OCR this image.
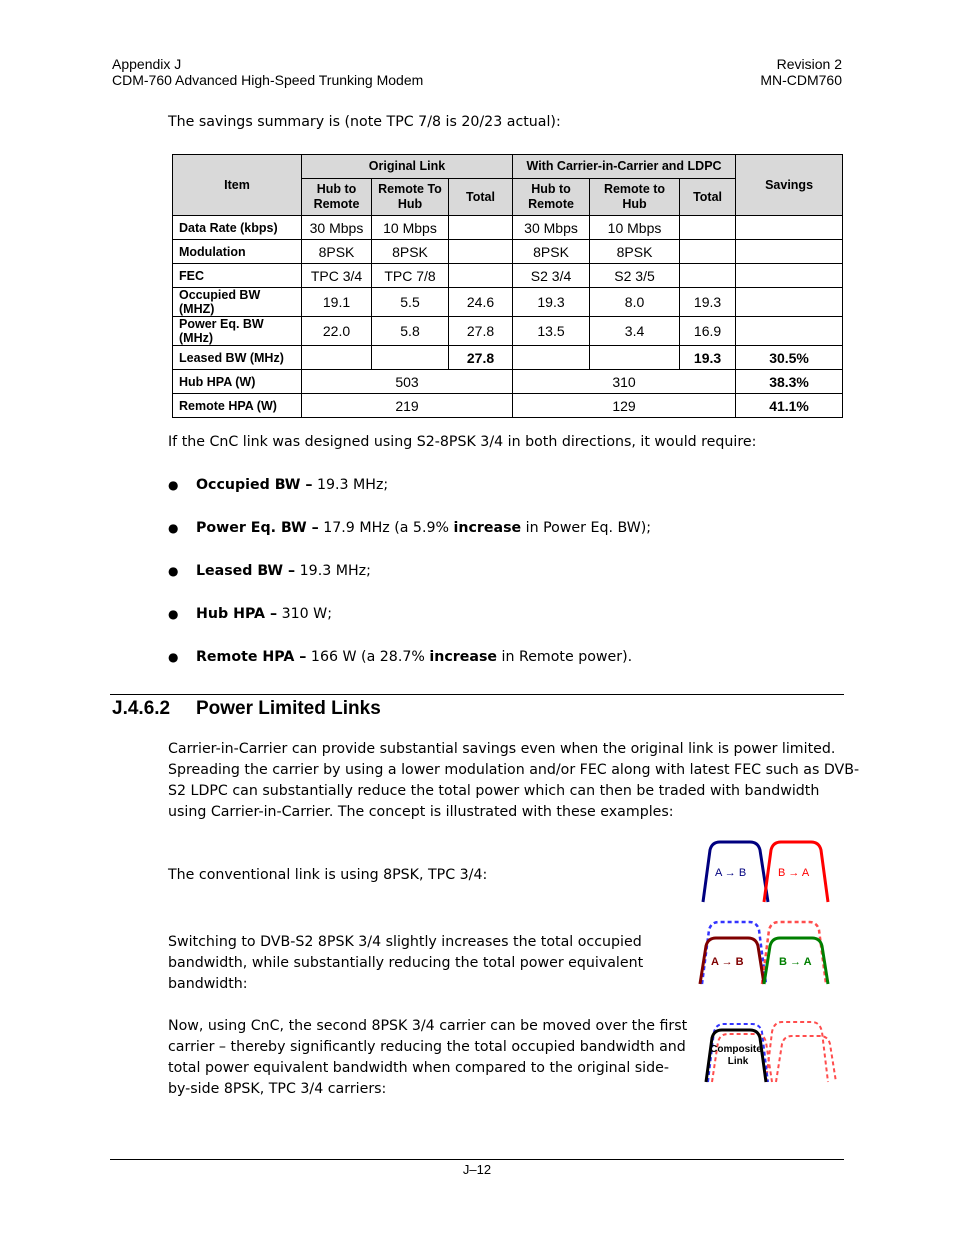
Appendix J
CDM-760 Advanced High-Speed Trunking Modem
Revision 2
MN-CDM760
The savings summary is (note TPC 7/8 is 20/23 actual):
Item	Original Link			With Carrier-in-Carrier and LDPC			Savings
	Hub to Remote	Remote To Hub	Total	Hub to Remote	Remote to Hub	Total	
Data Rate (kbps)	30 Mbps	10 Mbps		30 Mbps	10 Mbps		
Modulation	8PSK	8PSK		8PSK	8PSK		
FEC	TPC 3/4	TPC 7/8		S2 3/4	S2 3/5		
Occupied BW (MHZ)	19.1	5.5	24.6	19.3	8.0	19.3	
Power Eq. BW (MHz)	22.0	5.8	27.8	13.5	3.4	16.9	
Leased BW (MHz)			27.8			19.3	30.5%
Hub HPA (W)	503			310			38.3%
Remote HPA (W)	219			129			41.1%
If the CnC link was designed using S2-8PSK 3/4 in both directions, it would require:
● Occupied BW – 19.3 MHz;
● Power Eq. BW – 17.9 MHz (a 5.9% increase in Power Eq. BW);
● Leased BW – 19.3 MHz;
● Hub HPA – 310 W;
● Remote HPA – 166 W (a 28.7% increase in Remote power).
J.4.6.2 Power Limited Links
Carrier-in-Carrier can provide substantial savings even when the original link is power limited.
Spreading the carrier by using a lower modulation and/or FEC along with latest FEC such as DVB-
S2 LDPC can substantially reduce the total power which can then be traded with bandwidth
using Carrier-in-Carrier. The concept is illustrated with these examples:
The conventional link is using 8PSK, TPC 3/4:
Switching to DVB-S2 8PSK 3/4 slightly increases the total occupied
bandwidth, while substantially reducing the total power equivalent
bandwidth:
Now, using CnC, the second 8PSK 3/4 carrier can be moved over the first
carrier – thereby significantly reducing the total occupied bandwidth and
total power equivalent bandwidth when compared to the original side-
by-side 8PSK, TPC 3/4 carriers:
A → B	B → A
A → B	B → A
Composite
Link
J–12
